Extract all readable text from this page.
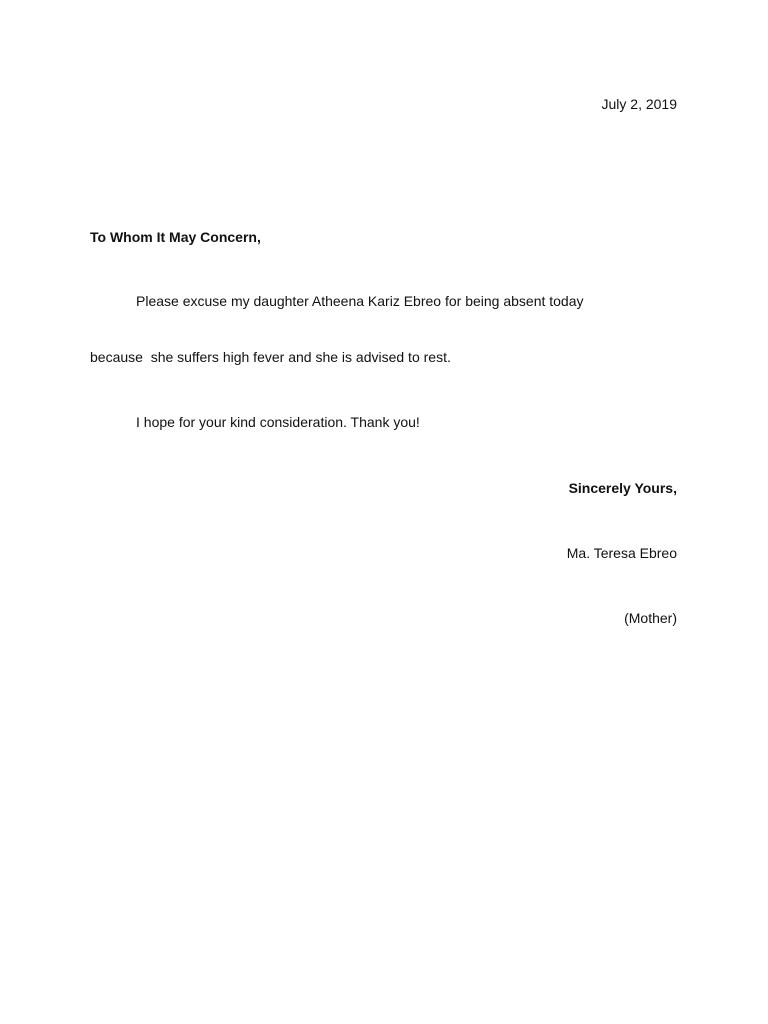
July 2, 2019
To Whom It May Concern,
Please excuse my daughter Atheena Kariz Ebreo for being absent today
because  she suffers high fever and she is advised to rest.
I hope for your kind consideration. Thank you!
Sincerely Yours,
Ma. Teresa Ebreo
(Mother)
